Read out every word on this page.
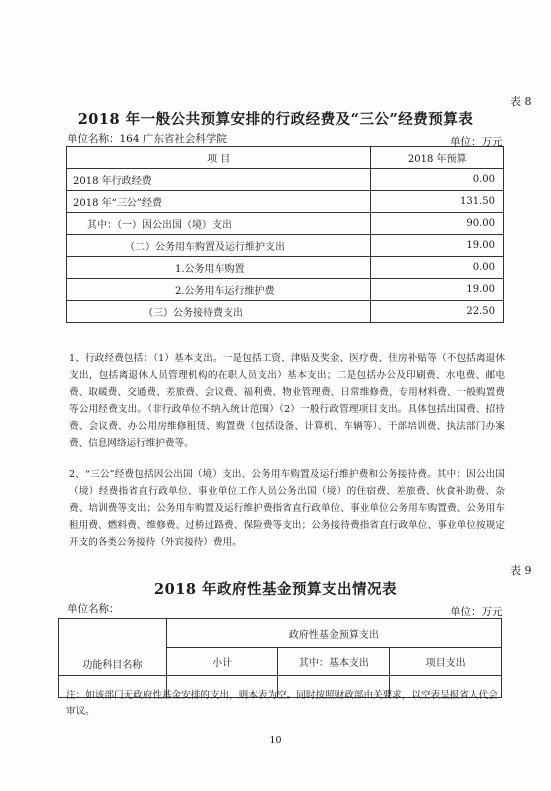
表 8
2018 年一般公共预算安排的行政经费及“三公”经费预算表
单位名称：164 广东省社会科学院	单位：万元
项 目	2018 年预算
2018 年行政经费	0.00
2018 年“三公”经费	131.50
其中：（一）因公出国（境）支出	90.00
（二）公务用车购置及运行维护支出	19.00
1.公务用车购置	0.00
2.公务用车运行维护费	19.00
（三）公务接待费支出	22.50

1、行政经费包括：（1）基本支出。一是包括工资、津贴及奖金、医疗费、住房补贴等（不包括离退休支出，包括离退休人员管理机构的在职人员支出）基本支出；二是包括办公及印刷费、水电费、邮电费、取暖费、交通费、差旅费、会议费、福利费、物业管理费、日常维修费、专用材料费、一般购置费等公用经费支出。（非行政单位不纳入统计范围）（2）一般行政管理项目支出。具体包括出国费、招待费、会议费、办公用房维修租赁、购置费（包括设备、计算机、车辆等）、干部培训费、执法部门办案费、信息网络运行维护费等。

2、“三公”经费包括因公出国（境）支出、公务用车购置及运行维护费和公务接待费。其中：因公出国（境）经费指省直行政单位、事业单位工作人员公务出国（境）的住宿费、差旅费、伙食补助费、杂费、培训费等支出；公务用车购置及运行维护费指省直行政单位、事业单位公务用车购置费、公务用车租用费、燃料费、维修费、过桥过路费、保险费等支出；公务接待费指省直行政单位、事业单位按规定开支的各类公务接待（外宾接待）费用。

表 9
2018 年政府性基金预算支出情况表
单位名称：	单位：万元
功能科目名称	政府性基金预算支出		
	小计	其中：基本支出	项目支出

注：如该部门无政府性基金安排的支出，则本表为空。同时按照财政部由关要求，以空表呈报省人代会审议。
10
